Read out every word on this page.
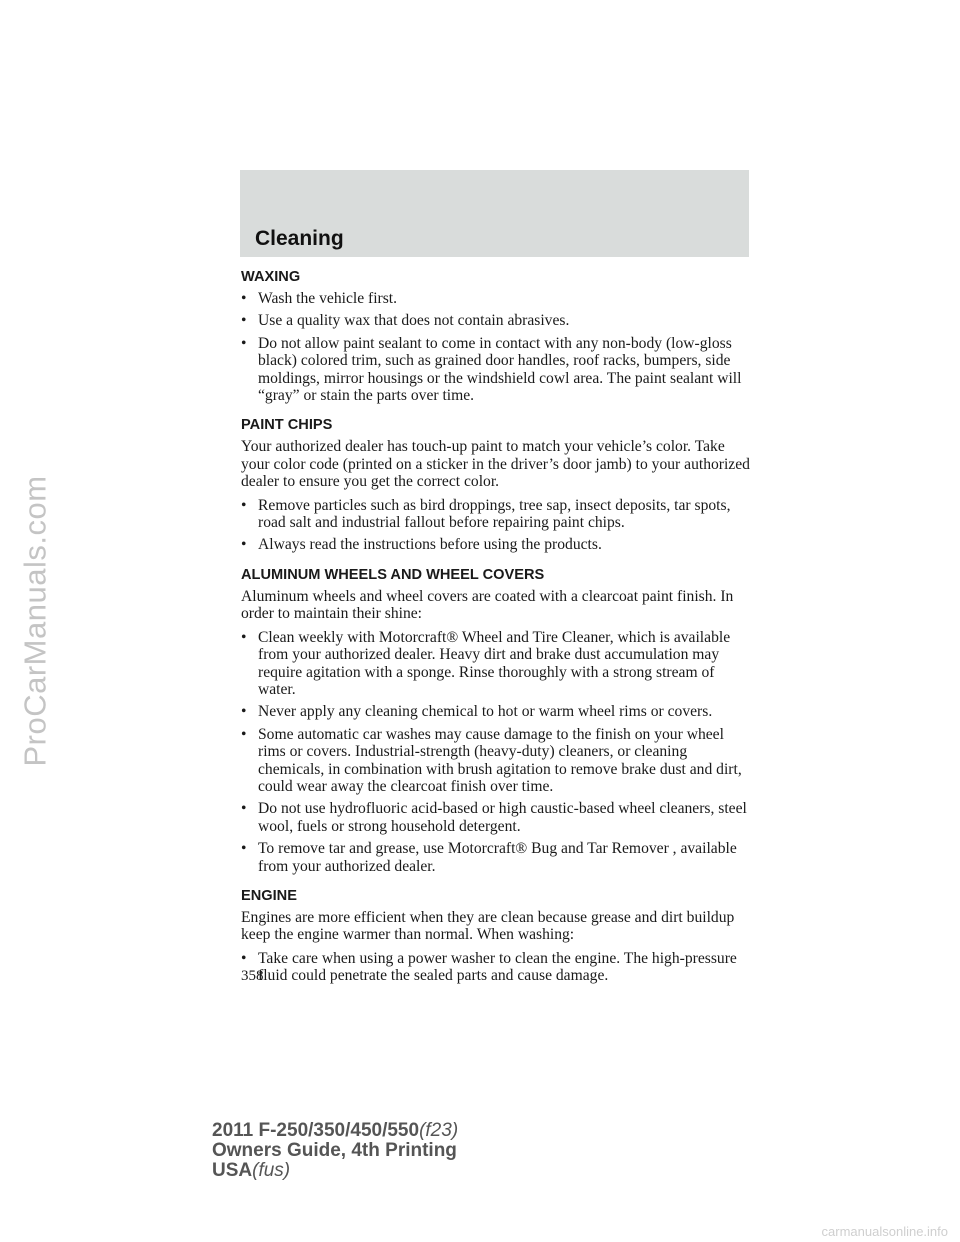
ProCarManuals.com
Cleaning
WAXING
• Wash the vehicle first.
• Use a quality wax that does not contain abrasives.
• Do not allow paint sealant to come in contact with any non-body (low-gloss black) colored trim, such as grained door handles, roof racks, bumpers, side moldings, mirror housings or the windshield cowl area. The paint sealant will “gray” or stain the parts over time.
PAINT CHIPS

Your authorized dealer has touch-up paint to match your vehicle’s color. Take your color code (printed on a sticker in the driver’s door jamb) to your authorized dealer to ensure you get the correct color.

• Remove particles such as bird droppings, tree sap, insect deposits, tar spots, road salt and industrial fallout before repairing paint chips.
• Always read the instructions before using the products.
ALUMINUM WHEELS AND WHEEL COVERS

Aluminum wheels and wheel covers are coated with a clearcoat paint finish. In order to maintain their shine:

• Clean weekly with Motorcraft® Wheel and Tire Cleaner, which is available from your authorized dealer. Heavy dirt and brake dust accumulation may require agitation with a sponge. Rinse thoroughly with a strong stream of water.
• Never apply any cleaning chemical to hot or warm wheel rims or covers.
• Some automatic car washes may cause damage to the finish on your wheel rims or covers. Industrial-strength (heavy-duty) cleaners, or cleaning chemicals, in combination with brush agitation to remove brake dust and dirt, could wear away the clearcoat finish over time.
• Do not use hydrofluoric acid-based or high caustic-based wheel cleaners, steel wool, fuels or strong household detergent.
• To remove tar and grease, use Motorcraft® Bug and Tar Remover , available from your authorized dealer.
ENGINE

Engines are more efficient when they are clean because grease and dirt buildup keep the engine warmer than normal. When washing:

• Take care when using a power washer to clean the engine. The high-pressure fluid could penetrate the sealed parts and cause damage.
358
2011 F-250/350/450/550(f23)
Owners Guide, 4th Printing
USA(fus)
carmanualsonline.info
